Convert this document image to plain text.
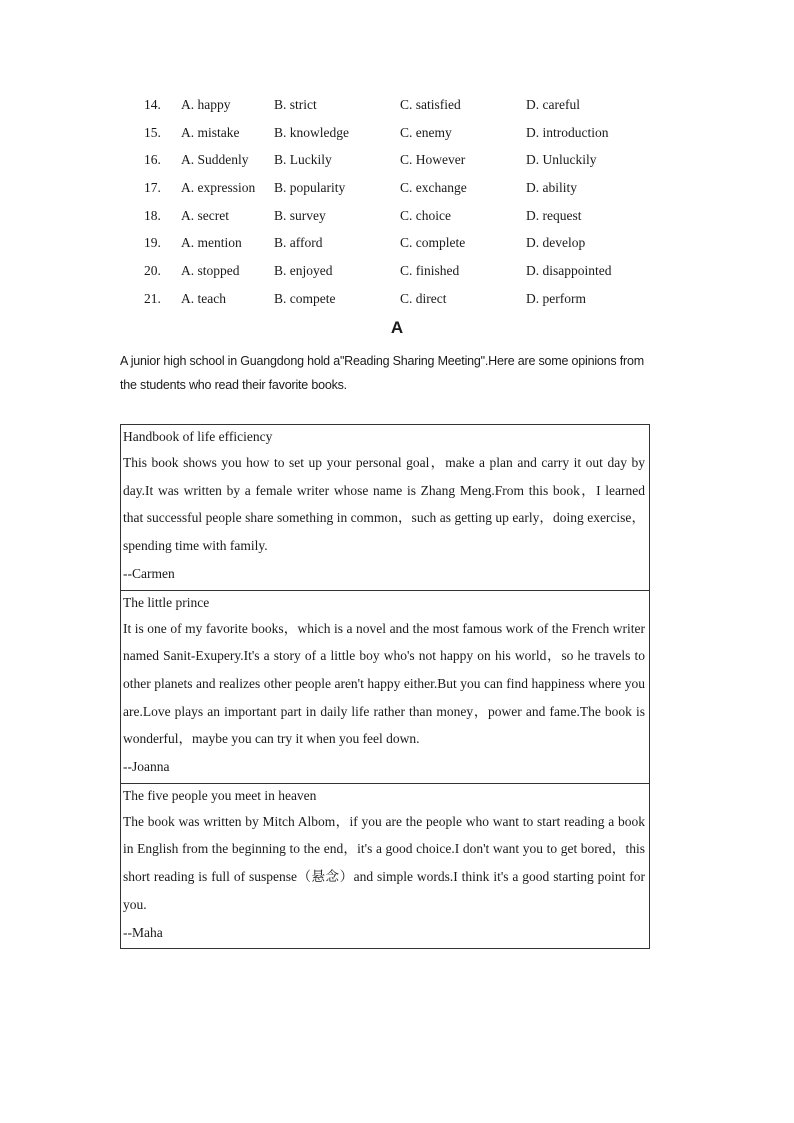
14. A. happy	B. strict	C. satisfied	D. careful
15. A. mistake	B. knowledge	C. enemy	D. introduction
16. A. Suddenly B. Luckily	C. However	D. Unluckily
17. A. expression B. popularity	C. exchange	D. ability
18. A. secret	B. survey	C. choice	D. request
19. A. mention B. afford	C. complete	D. develop
20. A. stopped	B. enjoyed	C. finished	D. disappointed
21. A. teach	B. compete	C. direct	D. perform
A
A junior high school in Guangdong hold a"Reading Sharing Meeting".Here are some opinions from the students who read their favorite books.
Handbook of life efficiency
This book shows you how to set up your personal goal，make a plan and carry it out day by day.It was written by a female writer whose name is Zhang Meng.From this book，I learned that successful people share something in common，such as getting up early，doing exercise，spending time with family.
--Carmen
The little prince
It is one of my favorite books，which is a novel and the most famous work of the French writer named Sanit-Exupery.It's a story of a little boy who's not happy on his world，so he travels to other planets and realizes other people aren't happy either.But you can find happiness where you are.Love plays an important part in daily life rather than money，power and fame.The book is wonderful，maybe you can try it when you feel down.
--Joanna
The five people you meet in heaven
The book was written by Mitch Albom，if you are the people who want to start reading a book in English from the beginning to the end，it's a good choice.I don't want you to get bored，this short reading is full of suspense（悬念）and simple words.I think it's a good starting point for you.
--Maha
